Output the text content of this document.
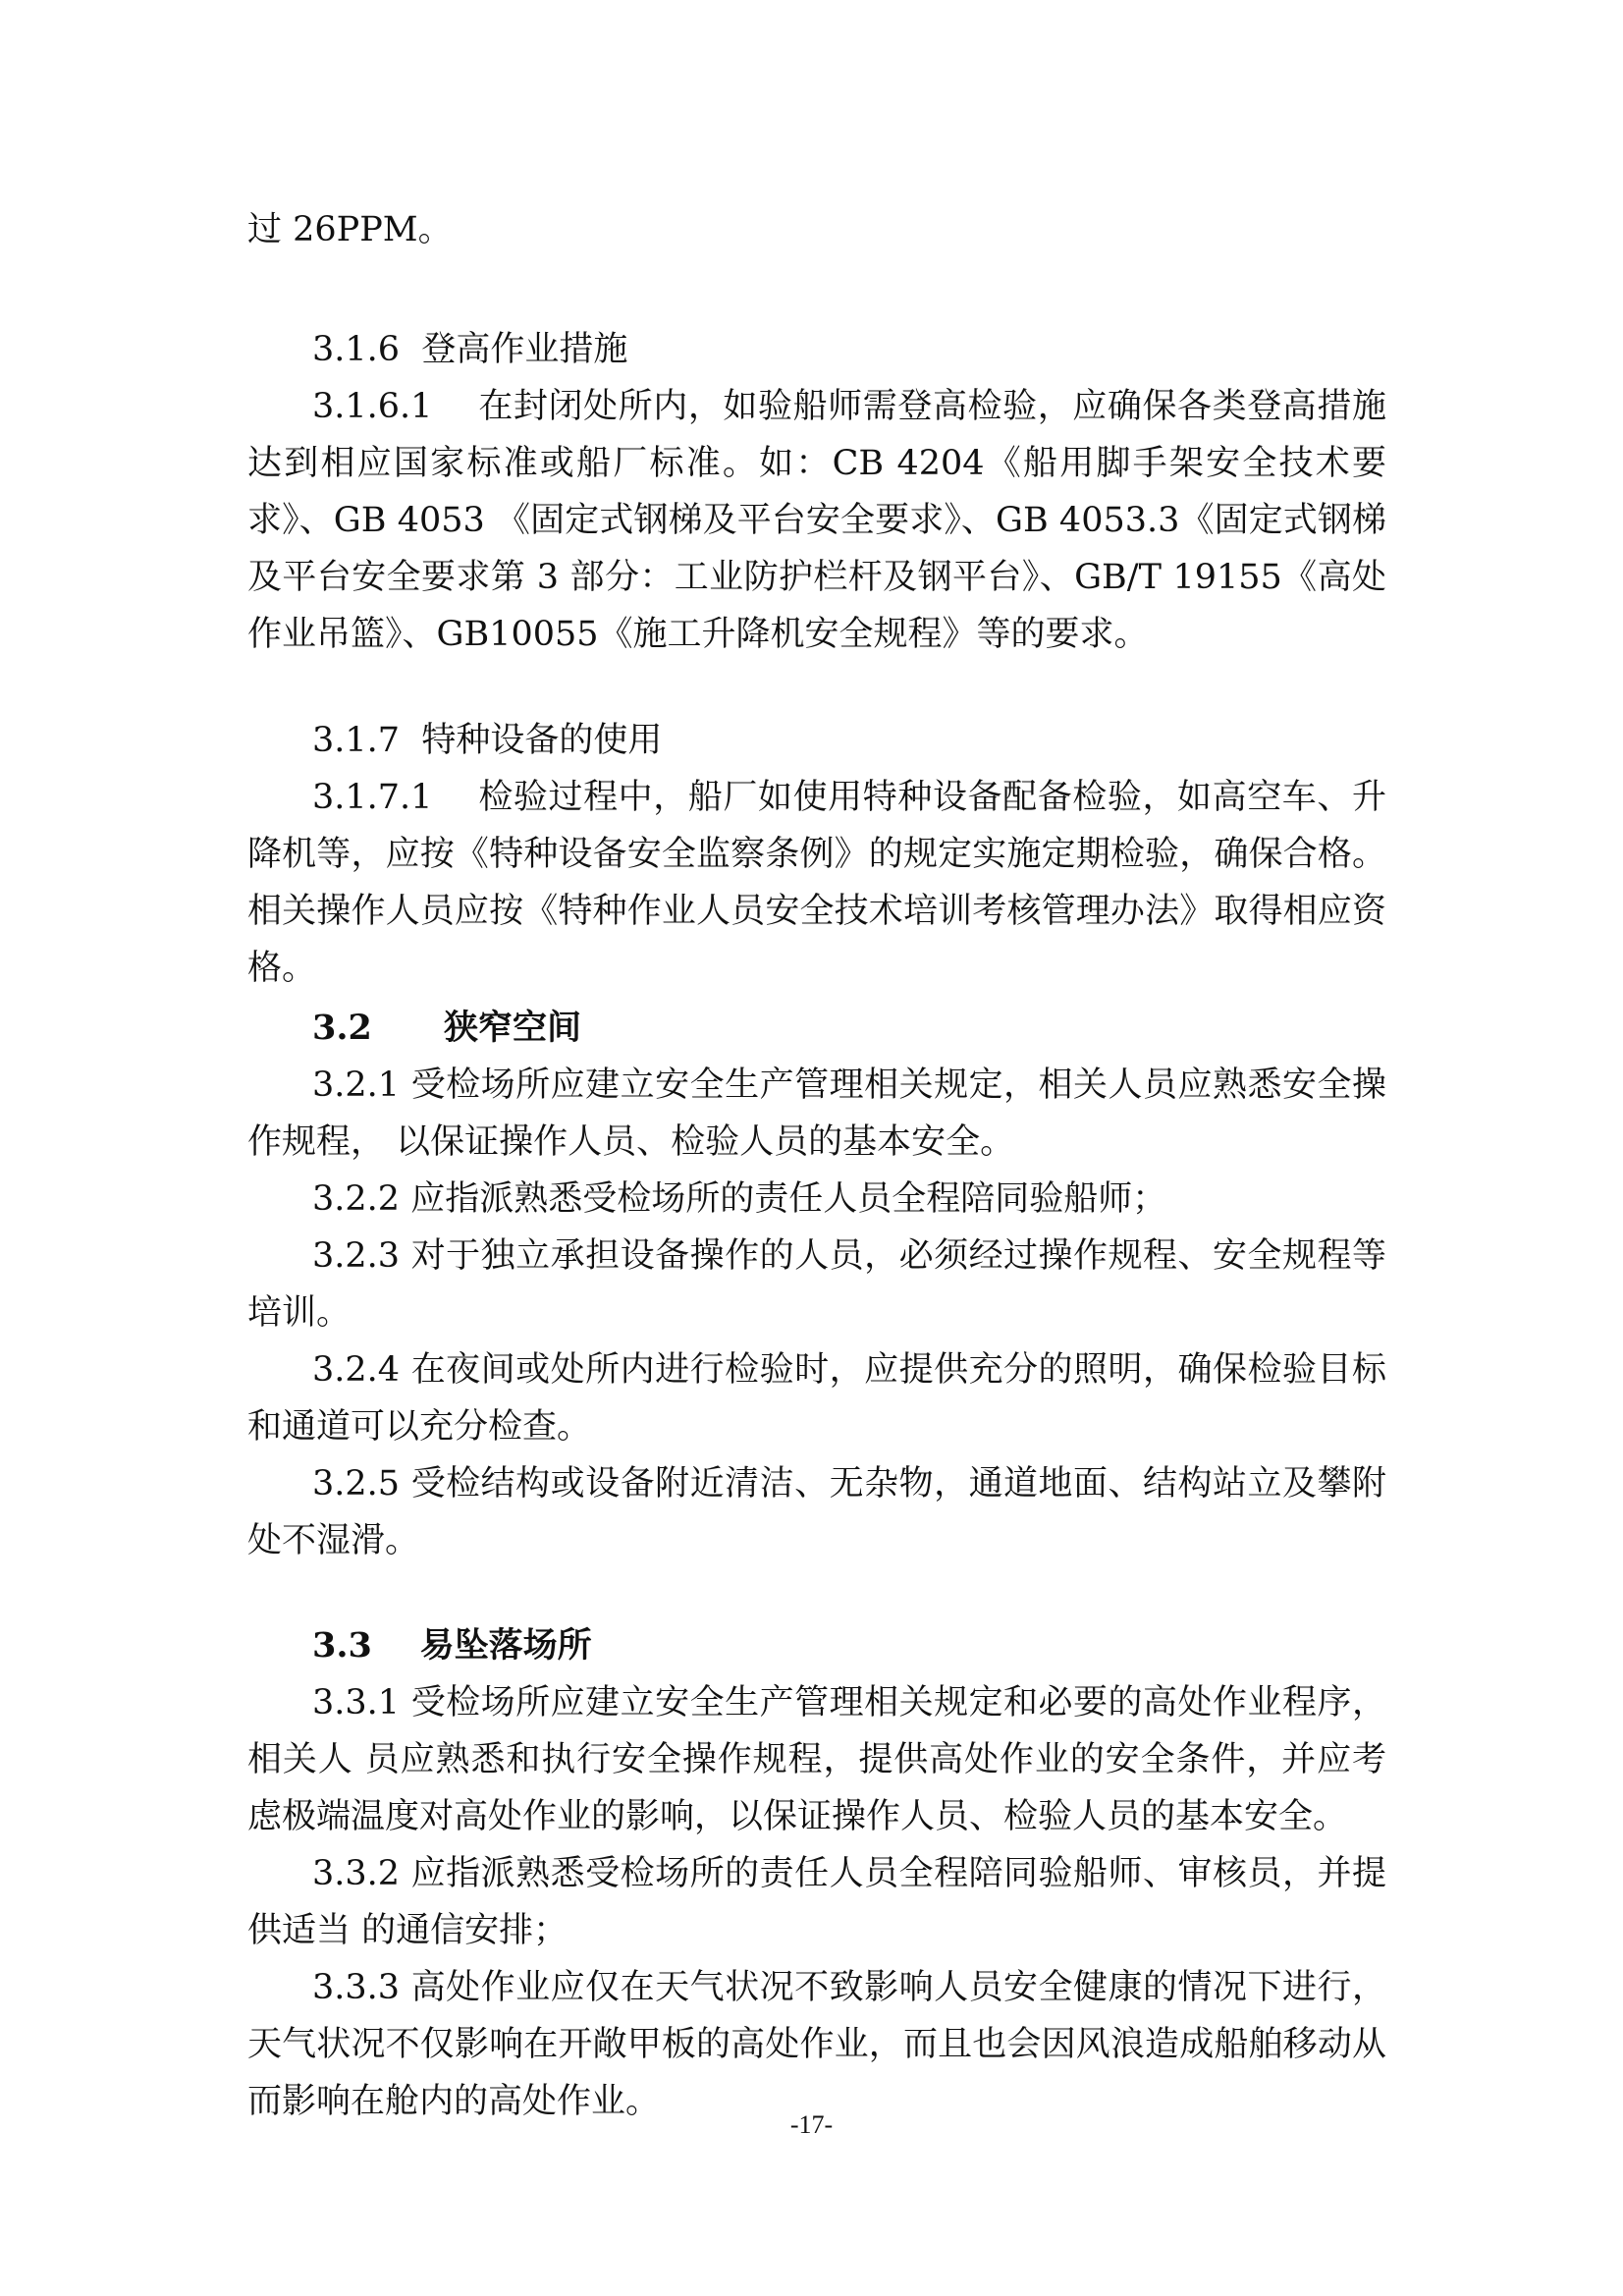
过 26PPM。

3.1.6 登高作业措施

3.1.6.1 在封闭处所内，如验船师需登高检验，应确保各类登高措施达到相应国家标准或船厂标准。如：CB 4204《船用脚手架安全技术要求》、GB 4053 《固定式钢梯及平台安全要求》、GB 4053.3《固定式钢梯及平台安全要求第 3 部分：工业防护栏杆及钢平台》、GB/T 19155《高处作业吊篮》、GB10055《施工升降机安全规程》等的要求。

3.1.7 特种设备的使用

3.1.7.1 检验过程中，船厂如使用特种设备配备检验，如高空车、升降机等，应按《特种设备安全监察条例》的规定实施定期检验，确保合格。相关操作人员应按《特种作业人员安全技术培训考核管理办法》取得相应资格。

3.2 狭窄空间

3.2.1 受检场所应建立安全生产管理相关规定，相关人员应熟悉安全操作规程， 以保证操作人员、检验人员的基本安全。

3.2.2 应指派熟悉受检场所的责任人员全程陪同验船师；

3.2.3 对于独立承担设备操作的人员，必须经过操作规程、安全规程等培训。

3.2.4 在夜间或处所内进行检验时，应提供充分的照明，确保检验目标和通道可以充分检查。

3.2.5 受检结构或设备附近清洁、无杂物，通道地面、结构站立及攀附处不湿滑。

3.3 易坠落场所

3.3.1 受检场所应建立安全生产管理相关规定和必要的高处作业程序，相关人 员应熟悉和执行安全操作规程，提供高处作业的安全条件，并应考虑极端温度对高处作业的影响，以保证操作人员、检验人员的基本安全。

3.3.2 应指派熟悉受检场所的责任人员全程陪同验船师、审核员，并提供适当 的通信安排；

3.3.3 高处作业应仅在天气状况不致影响人员安全健康的情况下进行，天气状况不仅影响在开敞甲板的高处作业，而且也会因风浪造成船舶移动从而影响在舱内的高处作业。

-17-
